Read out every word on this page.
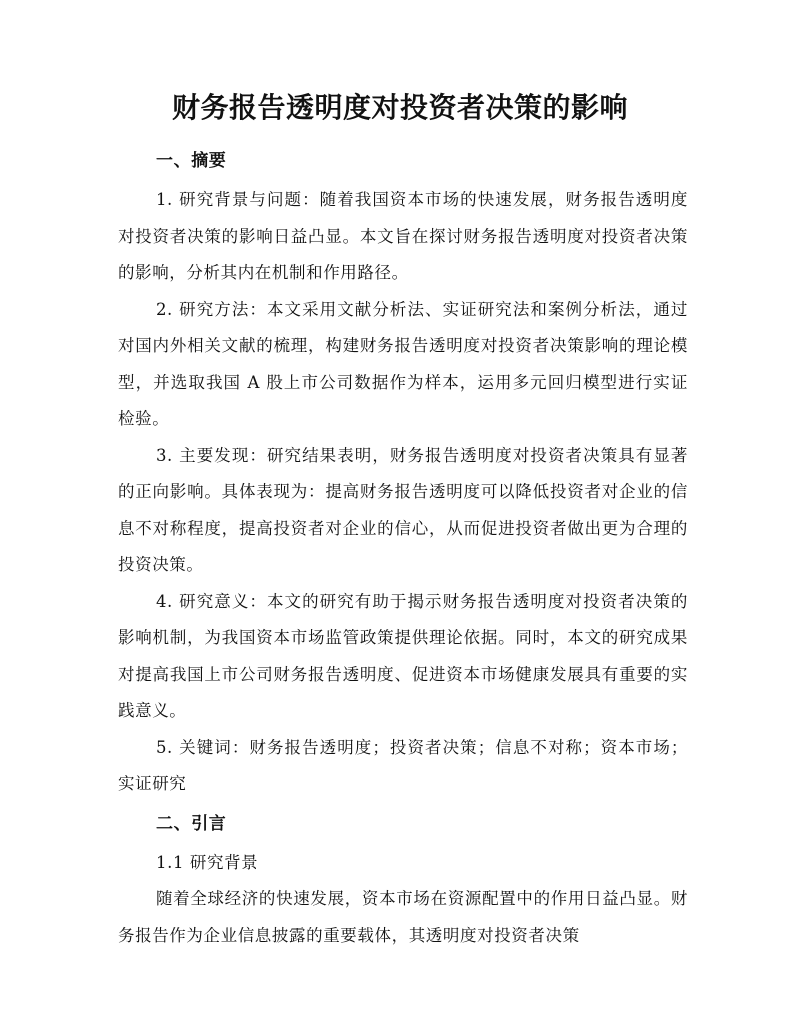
财务报告透明度对投资者决策的影响
一、摘要

1. 研究背景与问题：随着我国资本市场的快速发展，财务报告透明度对投资者决策的影响日益凸显。本文旨在探讨财务报告透明度对投资者决策的影响，分析其内在机制和作用路径。

2. 研究方法：本文采用文献分析法、实证研究法和案例分析法，通过对国内外相关文献的梳理，构建财务报告透明度对投资者决策影响的理论模型，并选取我国 A 股上市公司数据作为样本，运用多元回归模型进行实证检验。

3. 主要发现：研究结果表明，财务报告透明度对投资者决策具有显著的正向影响。具体表现为：提高财务报告透明度可以降低投资者对企业的信息不对称程度，提高投资者对企业的信心，从而促进投资者做出更为合理的投资决策。

4. 研究意义：本文的研究有助于揭示财务报告透明度对投资者决策的影响机制，为我国资本市场监管政策提供理论依据。同时，本文的研究成果对提高我国上市公司财务报告透明度、促进资本市场健康发展具有重要的实践意义。

5. 关键词：财务报告透明度；投资者决策；信息不对称；资本市场；实证研究

二、引言
1.1 研究背景

随着全球经济的快速发展，资本市场在资源配置中的作用日益凸显。财务报告作为企业信息披露的重要载体，其透明度对投资者决策
